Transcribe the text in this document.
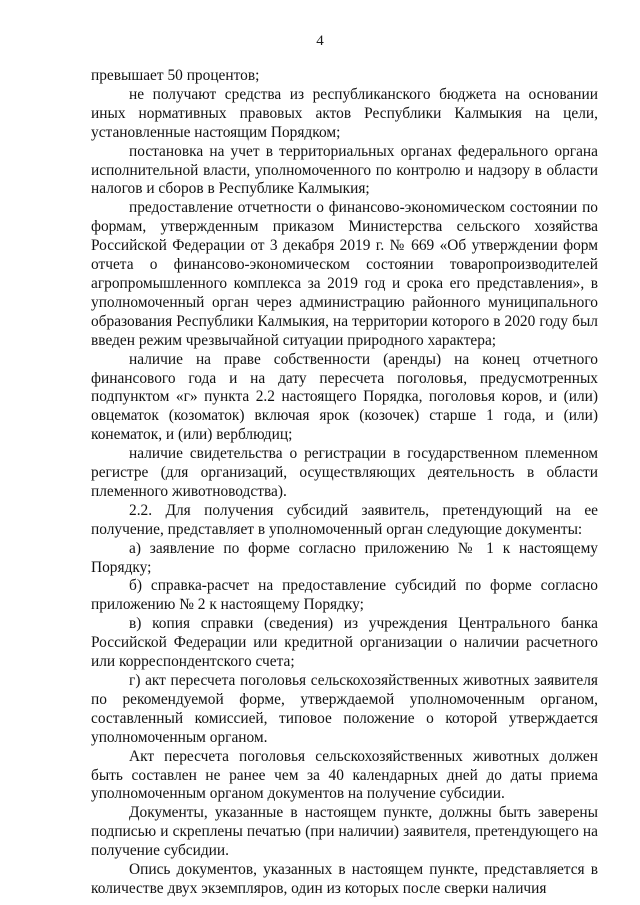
4

превышает 50 процентов;

не получают средства из республиканского бюджета на основании иных нормативных правовых актов Республики Калмыкия на цели, установленные настоящим Порядком;

постановка на учет в территориальных органах федерального органа исполнительной власти, уполномоченного по контролю и надзору в области налогов и сборов в Республике Калмыкия;

предоставление отчетности о финансово-экономическом состоянии по формам, утвержденным приказом Министерства сельского хозяйства Российской Федерации от 3 декабря 2019 г. № 669 «Об утверждении форм отчета о финансово-экономическом состоянии товаропроизводителей агропромышленного комплекса за 2019 год и срока его представления», в уполномоченный орган через администрацию районного муниципального образования Республики Калмыкия, на территории которого в 2020 году был введен режим чрезвычайной ситуации природного характера;

наличие на праве собственности (аренды) на конец отчетного финансового года и на дату пересчета поголовья, предусмотренных подпунктом «г» пункта 2.2 настоящего Порядка, поголовья коров, и (или) овцематок (козоматок) включая ярок (козочек) старше 1 года, и (или) конематок, и (или) верблюдиц;

наличие свидетельства о регистрации в государственном племенном регистре (для организаций, осуществляющих деятельность в области племенного животноводства).

2.2. Для получения субсидий заявитель, претендующий на ее получение, представляет в уполномоченный орган следующие документы:

а) заявление по форме согласно приложению № 1 к настоящему Порядку;

б) справка-расчет на предоставление субсидий по форме согласно приложению № 2 к настоящему Порядку;

в) копия справки (сведения) из учреждения Центрального банка Российской Федерации или кредитной организации о наличии расчетного или корреспондентского счета;

г) акт пересчета поголовья сельскохозяйственных животных заявителя по рекомендуемой форме, утверждаемой уполномоченным органом, составленный комиссией, типовое положение о которой утверждается уполномоченным органом.

Акт пересчета поголовья сельскохозяйственных животных должен быть составлен не ранее чем за 40 календарных дней до даты приема уполномоченным органом документов на получение субсидии.

Документы, указанные в настоящем пункте, должны быть заверены подписью и скреплены печатью (при наличии) заявителя, претендующего на получение субсидии.

Опись документов, указанных в настоящем пункте, представляется в количестве двух экземпляров, один из которых после сверки наличия
